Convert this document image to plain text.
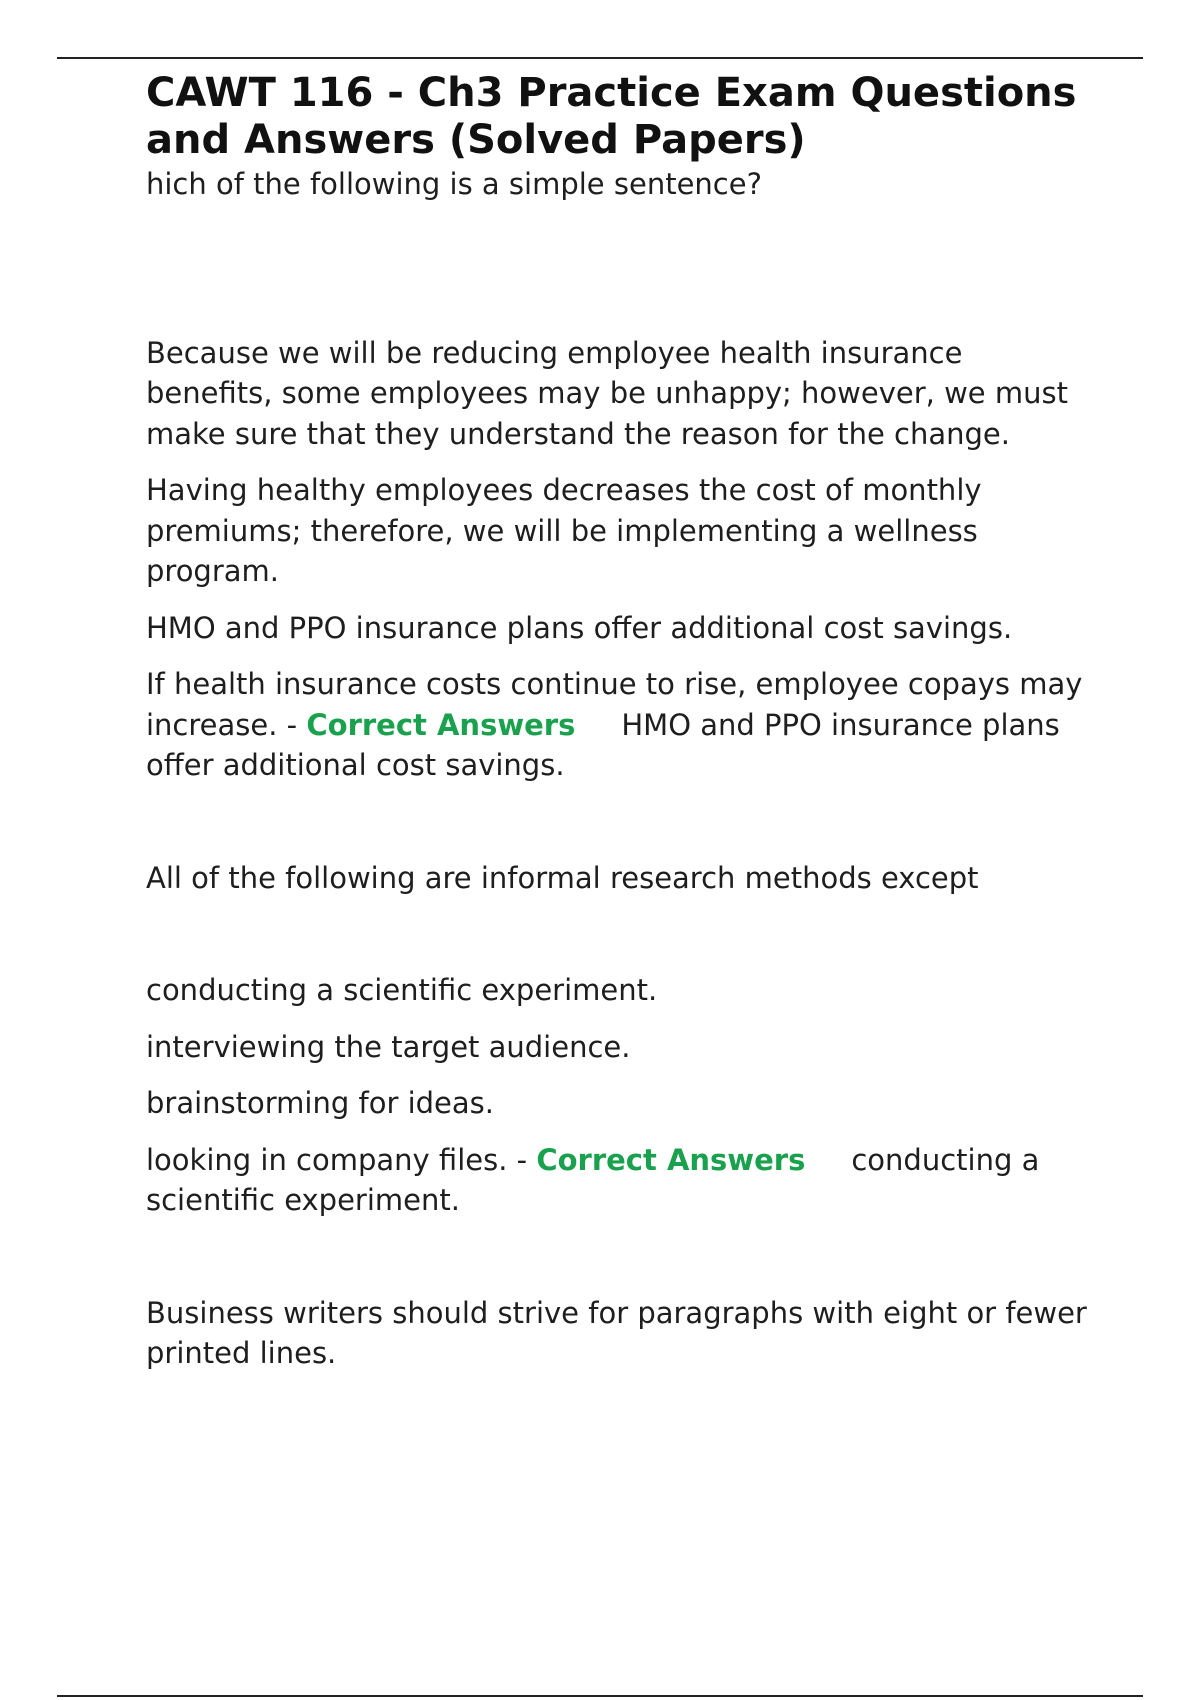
CAWT 116 - Ch3 Practice Exam Questions and Answers (Solved Papers)

hich of the following is a simple sentence?

Because we will be reducing employee health insurance benefits, some employees may be unhappy; however, we must make sure that they understand the reason for the change.

Having healthy employees decreases the cost of monthly premiums; therefore, we will be implementing a wellness program.

HMO and PPO insurance plans offer additional cost savings.

If health insurance costs continue to rise, employee copays may increase. - Correct Answers HMO and PPO insurance plans offer additional cost savings.

All of the following are informal research methods except

conducting a scientific experiment.

interviewing the target audience.

brainstorming for ideas.

looking in company files. - Correct Answers conducting a scientific experiment.

Business writers should strive for paragraphs with eight or fewer printed lines.
